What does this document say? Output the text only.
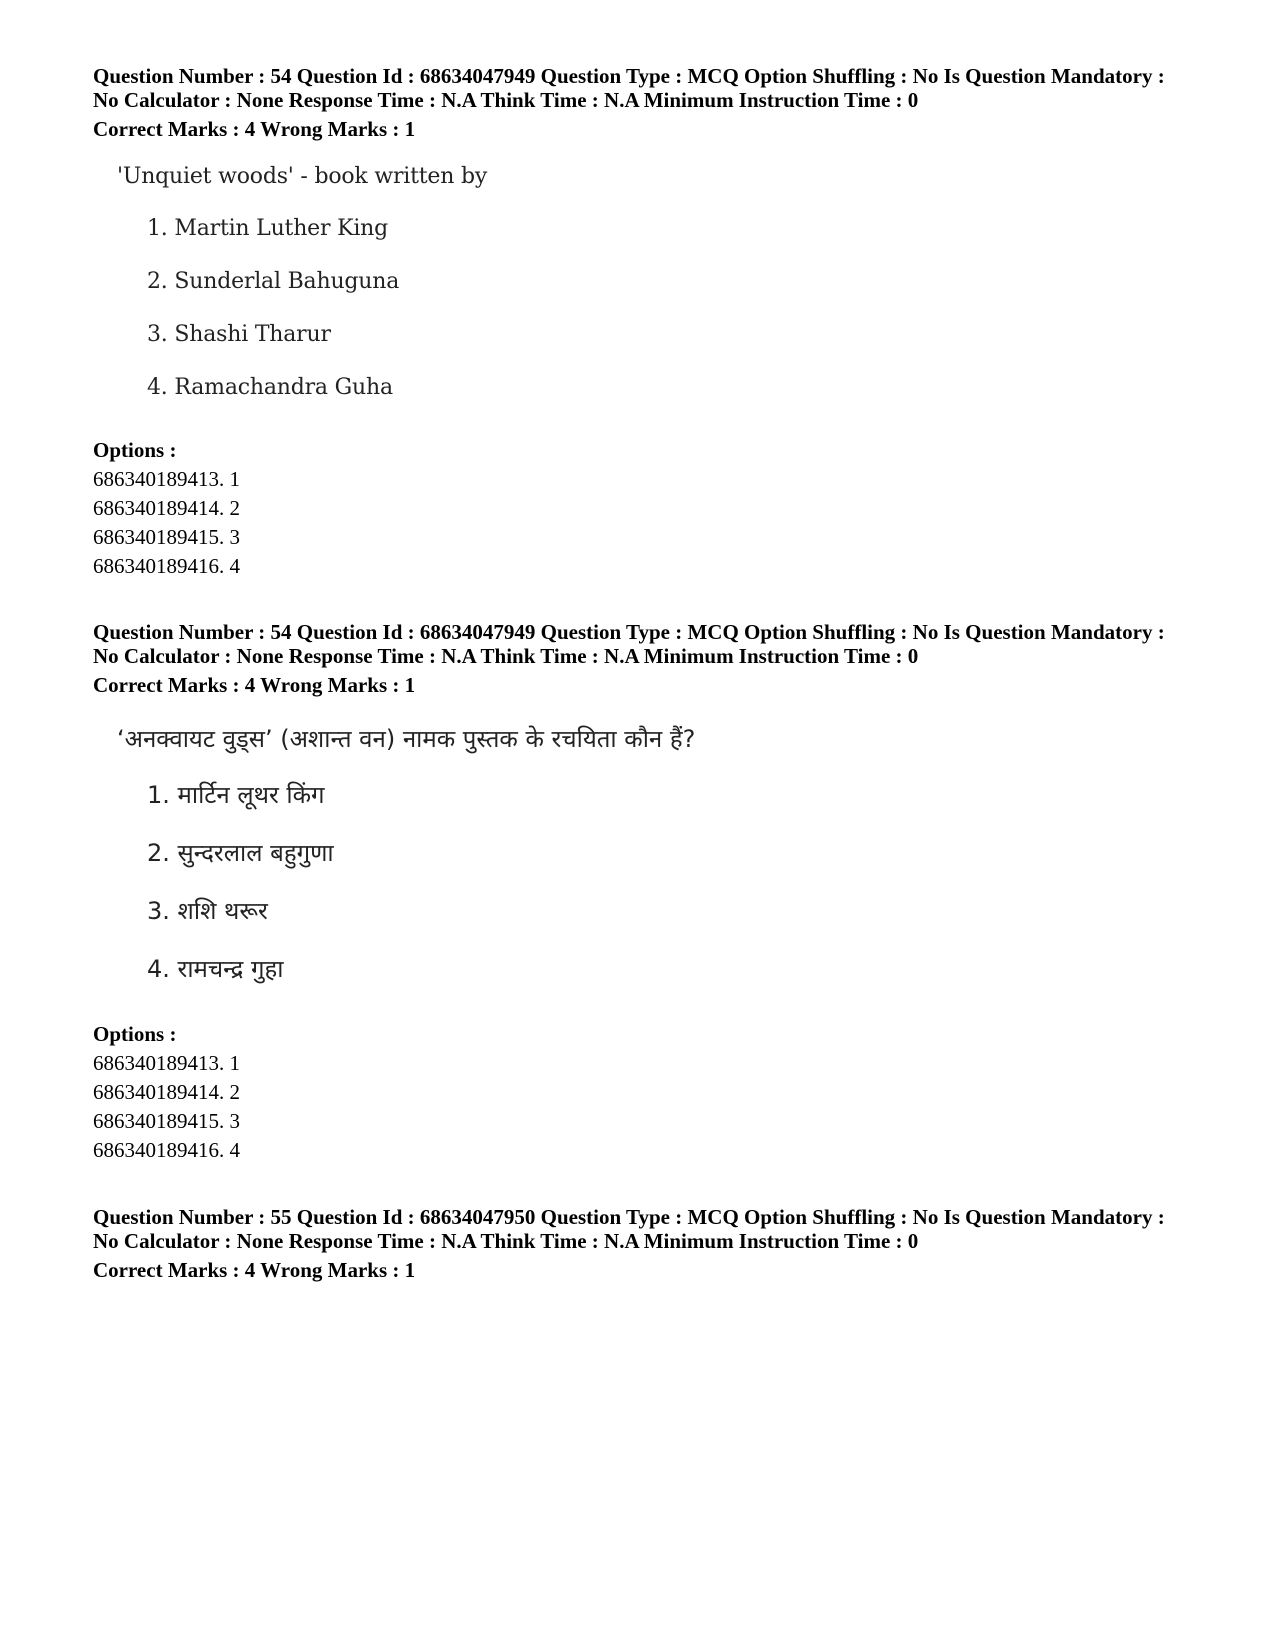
Question Number : 54 Question Id : 68634047949 Question Type : MCQ Option Shuffling : No Is Question Mandatory :
No Calculator : None Response Time : N.A Think Time : N.A Minimum Instruction Time : 0
Correct Marks : 4 Wrong Marks : 1
'Unquiet woods' - book written by
1. Martin Luther King
2. Sunderlal Bahuguna
3. Shashi Tharur
4. Ramachandra Guha
Options :
686340189413. 1
686340189414. 2
686340189415. 3
686340189416. 4
Question Number : 54 Question Id : 68634047949 Question Type : MCQ Option Shuffling : No Is Question Mandatory :
No Calculator : None Response Time : N.A Think Time : N.A Minimum Instruction Time : 0
Correct Marks : 4 Wrong Marks : 1
‘अनक्वायट वुड्स’ (अशान्त वन) नामक पुस्तक के रचयिता कौन हैं?
1. मार्टिन लूथर किंग
2. सुन्दरलाल बहुगुणा
3. शशि थरूर
4. रामचन्द्र गुहा
Options :
686340189413. 1
686340189414. 2
686340189415. 3
686340189416. 4
Question Number : 55 Question Id : 68634047950 Question Type : MCQ Option Shuffling : No Is Question Mandatory :
No Calculator : None Response Time : N.A Think Time : N.A Minimum Instruction Time : 0
Correct Marks : 4 Wrong Marks : 1
